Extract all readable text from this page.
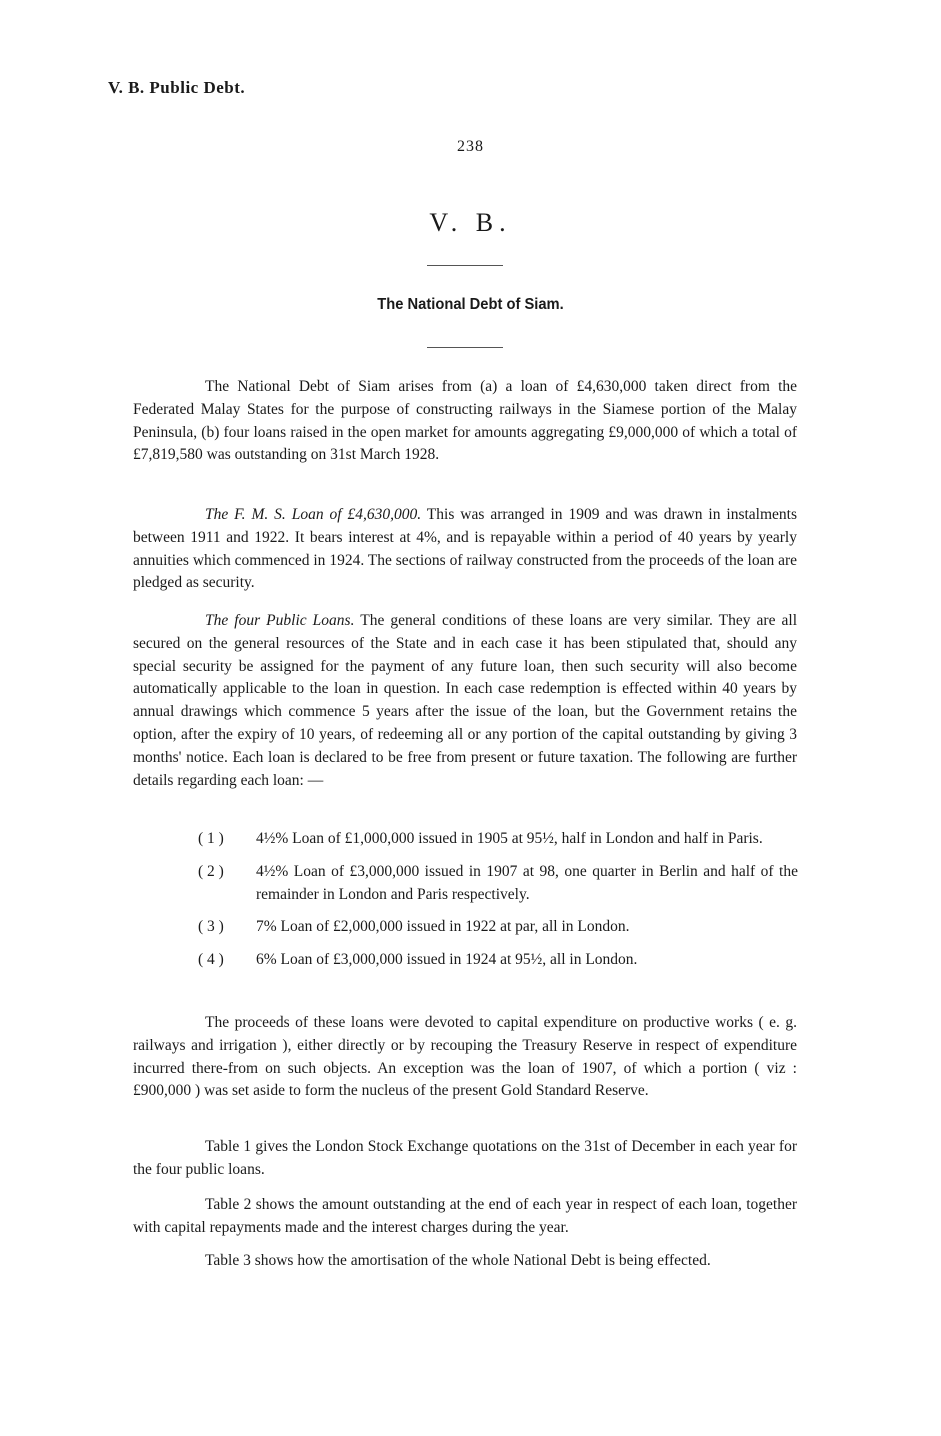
V. B. Public Debt.
238
V. B.
The National Debt of Siam.

The National Debt of Siam arises from (a) a loan of £4,630,000 taken direct from the Federated Malay States for the purpose of constructing railways in the Siamese portion of the Malay Peninsula, (b) four loans raised in the open market for amounts aggregating £9,000,000 of which a total of £7,819,580 was outstanding on 31st March 1928.

The F. M. S. Loan of £4,630,000. This was arranged in 1909 and was drawn in instalments between 1911 and 1922. It bears interest at 4%, and is repayable within a period of 40 years by yearly annuities which commenced in 1924. The sections of railway constructed from the proceeds of the loan are pledged as security.

The four Public Loans. The general conditions of these loans are very similar. They are all secured on the general resources of the State and in each case it has been stipulated that, should any special security be assigned for the payment of any future loan, then such security will also become automatically applicable to the loan in question. In each case redemption is effected within 40 years by annual drawings which commence 5 years after the issue of the loan, but the Government retains the option, after the expiry of 10 years, of redeeming all or any portion of the capital outstanding by giving 3 months' notice. Each loan is declared to be free from present or future taxation. The following are further details regarding each loan: —

( 1 )	4½% Loan of £1,000,000 issued in 1905 at 95½, half in London and half in Paris.
( 2 )	4½% Loan of £3,000,000 issued in 1907 at 98, one quarter in Berlin and half of the remainder in London and Paris respectively.
( 3 )	7% Loan of £2,000,000 issued in 1922 at par, all in London.
( 4 )	6% Loan of £3,000,000 issued in 1924 at 95½, all in London.

The proceeds of these loans were devoted to capital expenditure on productive works ( e. g. railways and irrigation ), either directly or by recouping the Treasury Reserve in respect of expenditure incurred there-from on such objects. An exception was the loan of 1907, of which a portion ( viz :£900,000 ) was set aside to form the nucleus of the present Gold Standard Reserve.

Table 1 gives the London Stock Exchange quotations on the 31st of December in each year for the four public loans.

Table 2 shows the amount outstanding at the end of each year in respect of each loan, together with capital repayments made and the interest charges during the year.

Table 3 shows how the amortisation of the whole National Debt is being effected.
